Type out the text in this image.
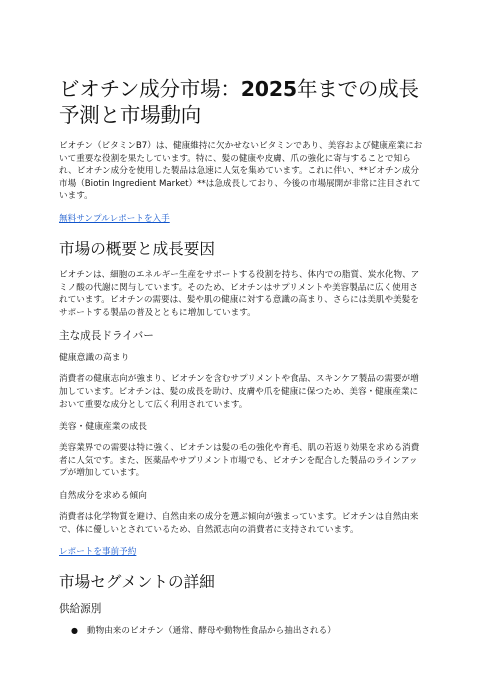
ビオチン成分市場：2025年までの成長予測と市場動向

ビオチン（ビタミンB7）は、健康維持に欠かせないビタミンであり、美容および健康産業において重要な役割を果たしています。特に、髪の健康や皮膚、爪の強化に寄与することで知られ、ビオチン成分を使用した製品は急速に人気を集めています。これに伴い、**ビオチン成分市場（Biotin Ingredient Market）**は急成長しており、今後の市場展開が非常に注目されています。

無料サンプルレポートを入手
市場の概要と成長要因

ビオチンは、細胞のエネルギー生産をサポートする役割を持ち、体内での脂質、炭水化物、アミノ酸の代謝に関与しています。そのため、ビオチンはサプリメントや美容製品に広く使用されています。ビオチンの需要は、髪や肌の健康に対する意識の高まり、さらには美肌や美髪をサポートする製品の普及とともに増加しています。

主な成長ドライバー
健康意識の高まり

消費者の健康志向が強まり、ビオチンを含むサプリメントや食品、スキンケア製品の需要が増加しています。ビオチンは、髪の成長を助け、皮膚や爪を健康に保つため、美容・健康産業において重要な成分として広く利用されています。

美容・健康産業の成長

美容業界での需要は特に強く、ビオチンは髪の毛の強化や育毛、肌の若返り効果を求める消費者に人気です。また、医薬品やサプリメント市場でも、ビオチンを配合した製品のラインアップが増加しています。

自然成分を求める傾向

消費者は化学物質を避け、自然由来の成分を選ぶ傾向が強まっています。ビオチンは自然由来で、体に優しいとされているため、自然派志向の消費者に支持されています。

レポートを事前予約
市場セグメントの詳細
供給源別
● 動物由来のビオチン（通常、酵母や動物性食品から抽出される）
